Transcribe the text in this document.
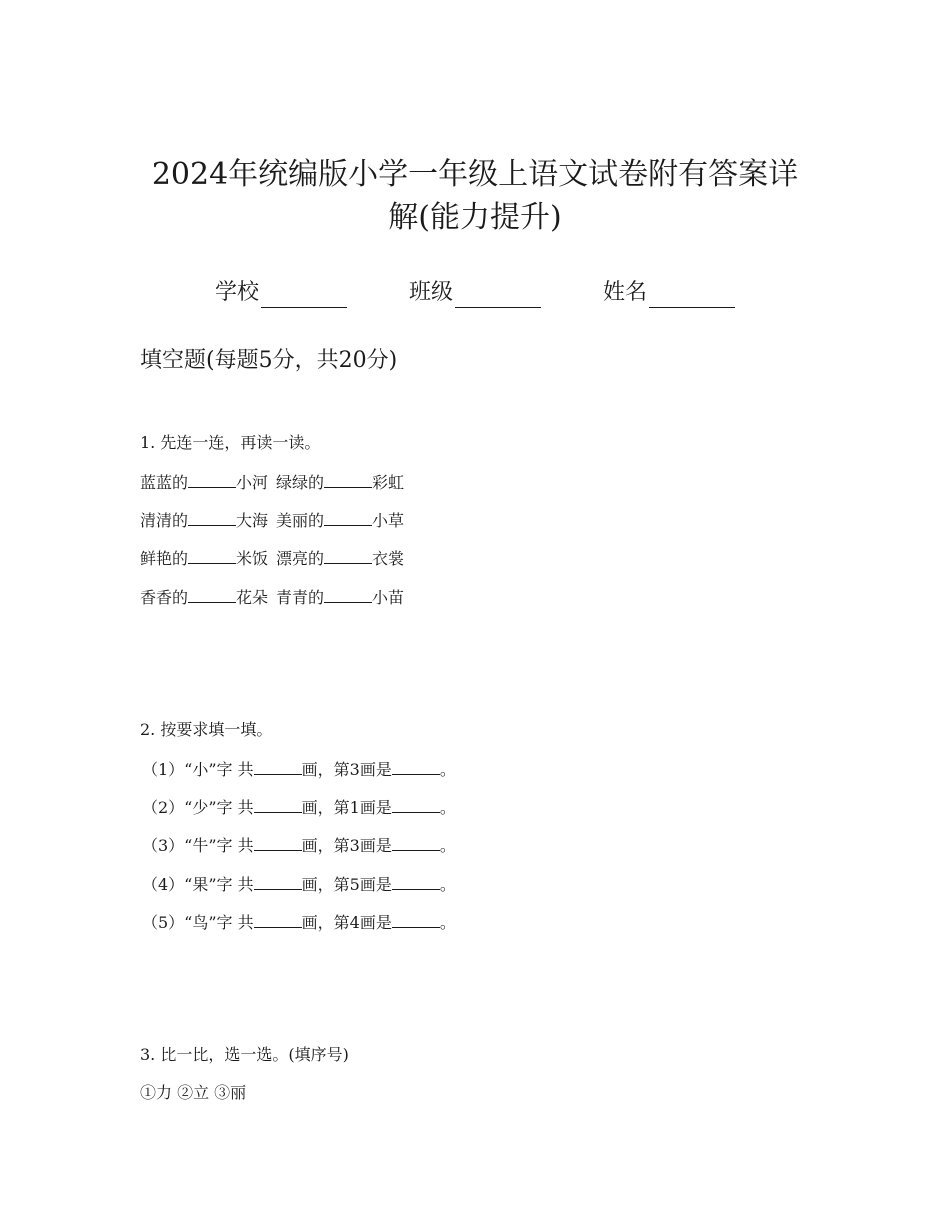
2024年统编版小学一年级上语文试卷附有答案详
解(能力提升)
学校	班级	姓名
填空题(每题5分，共20分)
1. 先连一连，再读一读。
蓝蓝的	小河 绿绿的	彩虹
清清的	大海 美丽的	小草
鲜艳的	米饭 漂亮的	衣裳
香香的	花朵 青青的	小苗
2. 按要求填一填。
（1）“小”字 共	画，第3画是	。
（2）“少”字 共	画，第1画是	。
（3）“牛”字 共	画，第3画是	。
（4）“果”字 共	画，第5画是	。
（5）“鸟”字 共	画，第4画是	。
3. 比一比，选一选。(填序号)
①力 ②立 ③丽
